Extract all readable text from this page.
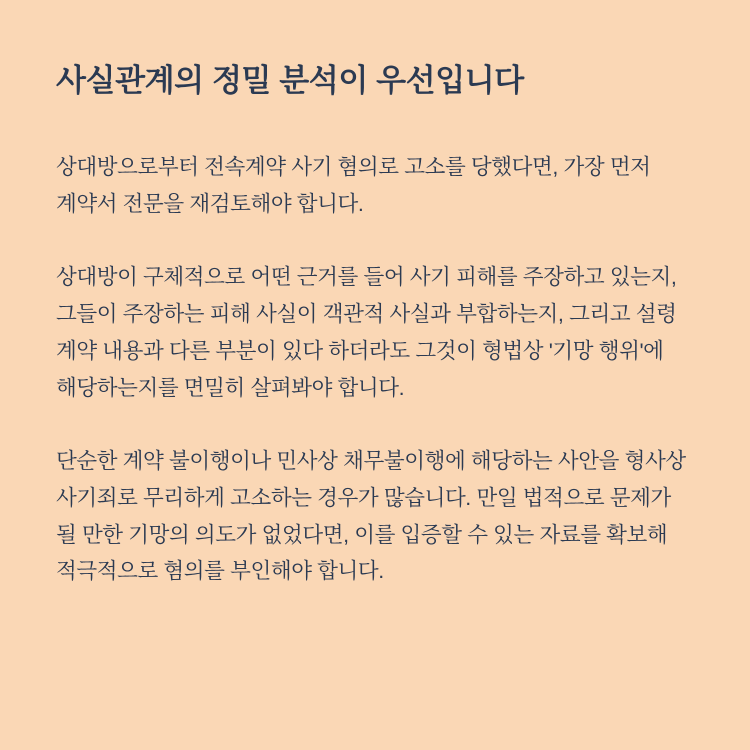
사실관계의 정밀 분석이 우선입니다

상대방으로부터 전속계약 사기 혐의로 고소를 당했다면, 가장 먼저 계약서 전문을 재검토해야 합니다.

상대방이 구체적으로 어떤 근거를 들어 사기 피해를 주장하고 있는지, 그들이 주장하는 피해 사실이 객관적 사실과 부합하는지, 그리고 설령 계약 내용과 다른 부분이 있다 하더라도 그것이 형법상 '기망 행위'에 해당하는지를 면밀히 살펴봐야 합니다.

단순한 계약 불이행이나 민사상 채무불이행에 해당하는 사안을 형사상 사기죄로 무리하게 고소하는 경우가 많습니다. 만일 법적으로 문제가 될 만한 기망의 의도가 없었다면, 이를 입증할 수 있는 자료를 확보해 적극적으로 혐의를 부인해야 합니다.
